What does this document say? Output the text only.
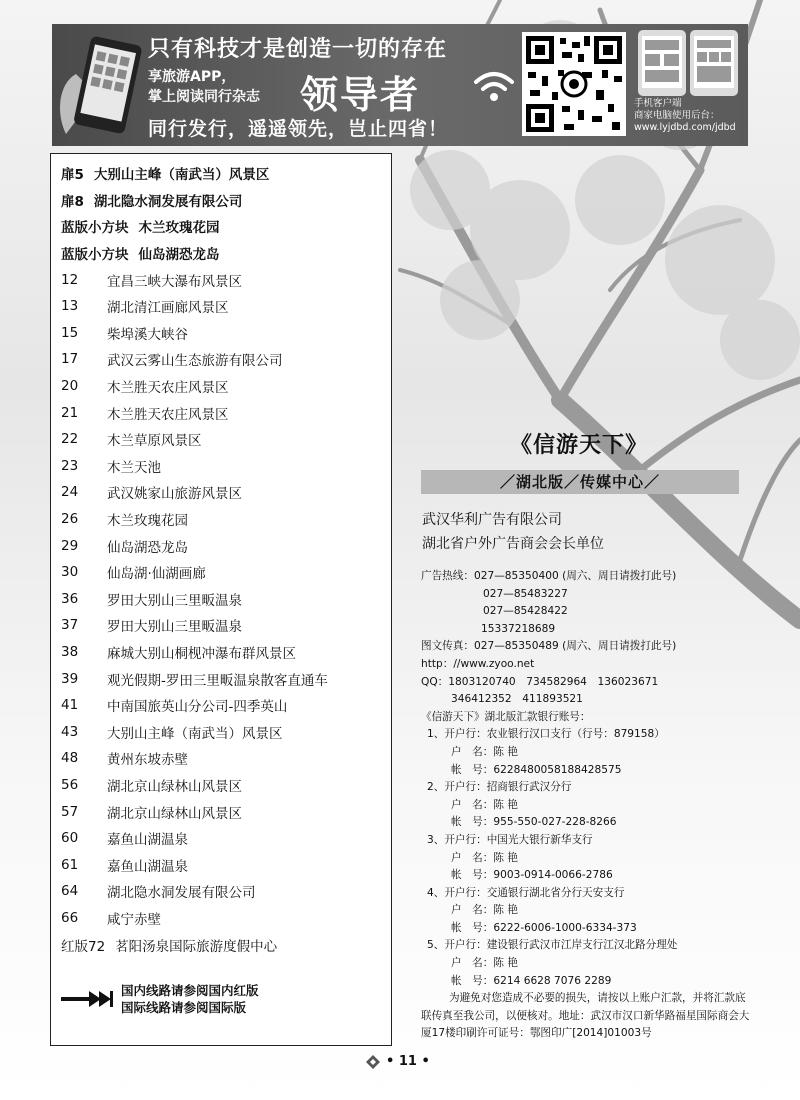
只有科技才是创造一切的存在
享旅游APP，
掌上阅读同行杂志 领导者
同行发行，遥遥领先，岂止四省！
手机客户端
商家电脑使用后台：
www.lyjdbd.com/jdbd
扉5 大别山主峰（南武当）风景区
扉8 湖北隐水洞发展有限公司
蓝版小方块 木兰玫瑰花园
蓝版小方块 仙岛湖恐龙岛
12	宜昌三峡大瀑布风景区
13	湖北清江画廊风景区
15	柴埠溪大峡谷
17	武汉云雾山生态旅游有限公司
20	木兰胜天农庄风景区
21	木兰胜天农庄风景区
22	木兰草原风景区
23	木兰天池
24	武汉姚家山旅游风景区
26	木兰玫瑰花园
29	仙岛湖恐龙岛
30	仙岛湖·仙湖画廊
36	罗田大别山三里畈温泉
37	罗田大别山三里畈温泉
38	麻城大别山桐枧冲瀑布群风景区
39	观光假期-罗田三里畈温泉散客直通车
41	中南国旅英山分公司-四季英山
43	大别山主峰（南武当）风景区
48	黄州东坡赤壁
56	湖北京山绿林山风景区
57	湖北京山绿林山风景区
60	嘉鱼山湖温泉
61	嘉鱼山湖温泉
64	湖北隐水洞发展有限公司
66	咸宁赤壁
红版72 茗阳汤泉国际旅游度假中心
国内线路请参阅国内红版
国际线路请参阅国际版
《信游天下》
／湖北版／传媒中心／
武汉华利广告有限公司
湖北省户外广告商会会长单位
广告热线：027—85350400 (周六、周日请拨打此号)
027—85483227
027—85428422
15337218689
图文传真：027—85350489 (周六、周日请拨打此号)
http：//www.zyoo.net
QQ：1803120740　734582964　136023671
346412352　411893521
《信游天下》湖北版汇款银行账号：
1、开户行：农业银行汉口支行（行号：879158）
户　名：陈 艳
帐　号：6228480058188428575
2、开户行：招商银行武汉分行
户　名：陈 艳
帐　号：955-550-027-228-8266
3、开户行：中国光大银行新华支行
户　名：陈 艳
帐　号：9003-0914-0066-2786
4、开户行：交通银行湖北省分行天安支行
户　名：陈 艳
帐　号：6222-6006-1000-6334-373
5、开户行：建设银行武汉市江岸支行江汉北路分理处
户　名：陈 艳
帐　号：6214 6628 7076 2289
为避免对您造成不必要的损失，请按以上账户汇款，并将汇款底联传真至我公司，以便核对。地址：武汉市汉口新华路福星国际商会大厦17楼印刷许可证号：鄂图印广[2014]01003号
• 11 •
